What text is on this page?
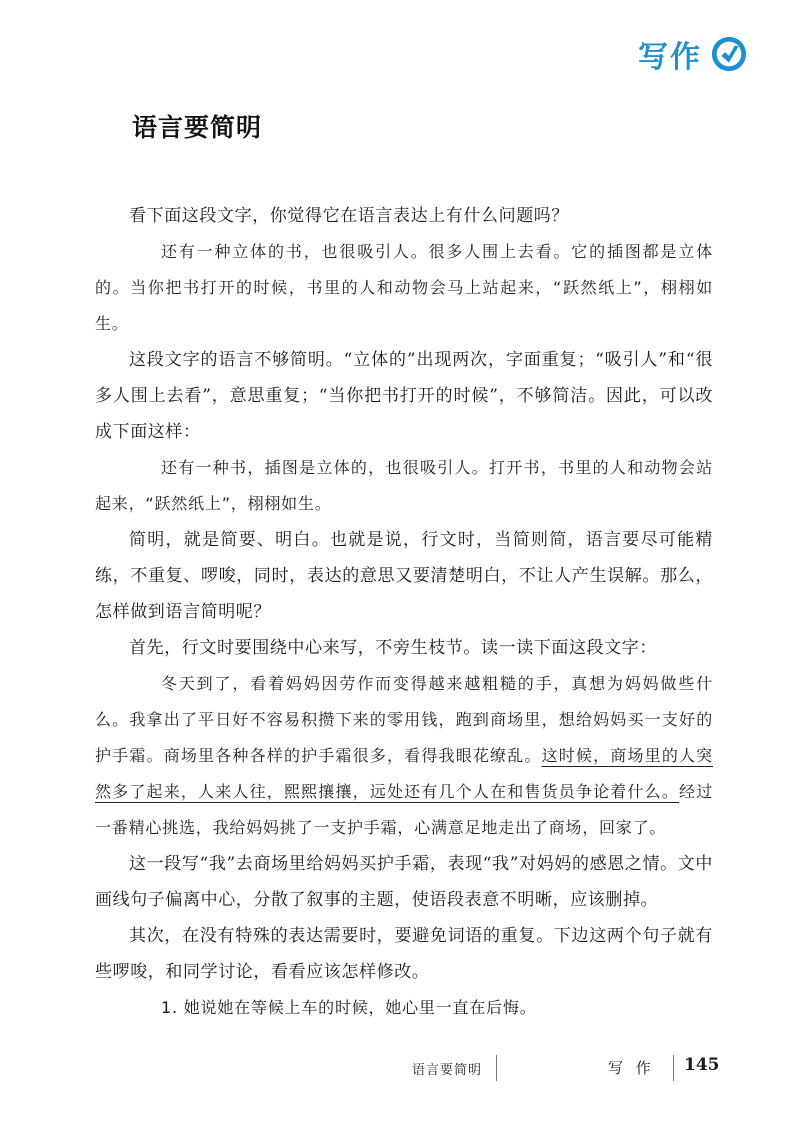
写作
语言要简明

看下面这段文字，你觉得它在语言表达上有什么问题吗？

还有一种立体的书，也很吸引人。很多人围上去看。它的插图都是立体的。当你把书打开的时候，书里的人和动物会马上站起来，“跃然纸上”，栩栩如生。

这段文字的语言不够简明。“立体的”出现两次，字面重复；“吸引人”和“很多人围上去看”，意思重复；“当你把书打开的时候”，不够简洁。因此，可以改成下面这样：

还有一种书，插图是立体的，也很吸引人。打开书，书里的人和动物会站起来，“跃然纸上”，栩栩如生。

简明，就是简要、明白。也就是说，行文时，当简则简，语言要尽可能精练，不重复、啰唆，同时，表达的意思又要清楚明白，不让人产生误解。那么，怎样做到语言简明呢？

首先，行文时要围绕中心来写，不旁生枝节。读一读下面这段文字：

冬天到了，看着妈妈因劳作而变得越来越粗糙的手，真想为妈妈做些什么。我拿出了平日好不容易积攒下来的零用钱，跑到商场里，想给妈妈买一支好的护手霜。商场里各种各样的护手霜很多，看得我眼花缭乱。这时候，商场里的人突然多了起来，人来人往，熙熙攘攘，远处还有几个人在和售货员争论着什么。经过一番精心挑选，我给妈妈挑了一支护手霜，心满意足地走出了商场，回家了。

这一段写“我”去商场里给妈妈买护手霜，表现“我”对妈妈的感恩之情。文中画线句子偏离中心，分散了叙事的主题，使语段表意不明晰，应该删掉。

其次，在没有特殊的表达需要时，要避免词语的重复。下边这两个句子就有些啰唆，和同学讨论，看看应该怎样修改。

1. 她说她在等候上车的时候，她心里一直在后悔。

语言要简明	写 作 145
